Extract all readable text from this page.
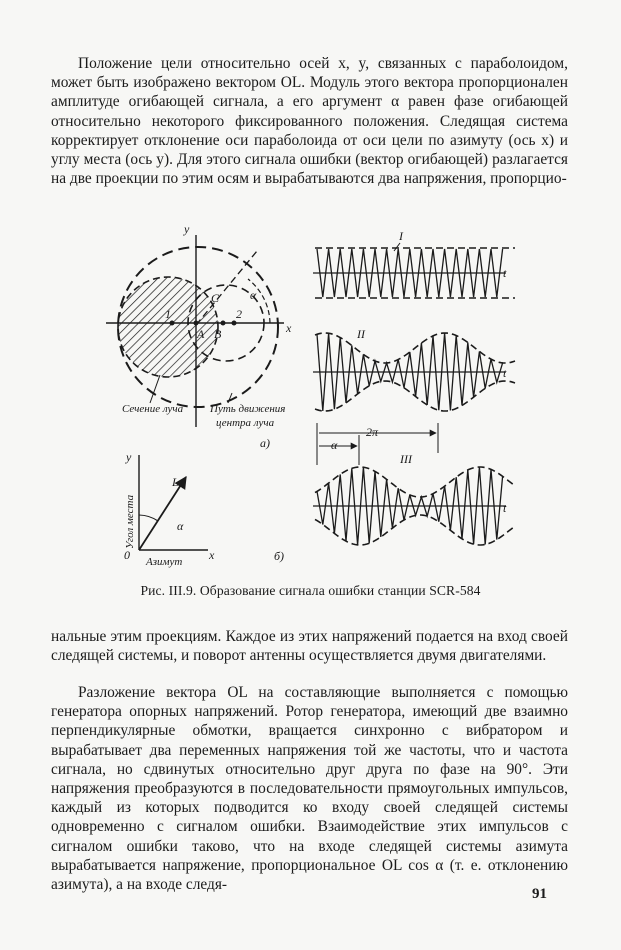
Положение цели относительно осей x, y, связанных с параболоидом, может быть изображено вектором OL. Модуль этого вектора пропорционален амплитуде огибающей сигнала, а его аргумент α равен фазе огибающей относительно некоторого фиксированного положения. Следящая система корректирует отклонение оси параболоида от оси цели по азимуту (ось x) и углу места (ось y). Для этого сигнала ошибки (вектор огибающей) разлагается на две проекции по этим осям и вырабатываются два напряжения, пропорцио-

y
x
1
A B
2
C	α
Сечение луча Путь движения
центра луча
а)
y
x
0
L
α
Азимут
Угол места
б)
I
t
II
t
2π
α
III
t
Рис. III.9. Образование сигнала ошибки станции SCR-584

нальные этим проекциям. Каждое из этих напряжений подается на вход своей следящей системы, и поворот антенны осуществляется двумя двигателями.

Разложение вектора OL на составляющие выполняется с помощью генератора опорных напряжений. Ротор генератора, имеющий две взаимно перпендикулярные обмотки, вращается синхронно с вибратором и вырабатывает два переменных напряжения той же частоты, что и частота сигнала, но сдвинутых относительно друг друга по фазе на 90°. Эти напряжения преобразуются в последовательности прямоугольных импульсов, каждый из которых подводится ко входу своей следящей системы одновременно с сигналом ошибки. Взаимодействие этих импульсов с сигналом ошибки таково, что на входе следящей системы азимута вырабатывается напряжение, пропорциональное OL cos α (т. е. отклонению азимута), а на входе следя-

91
